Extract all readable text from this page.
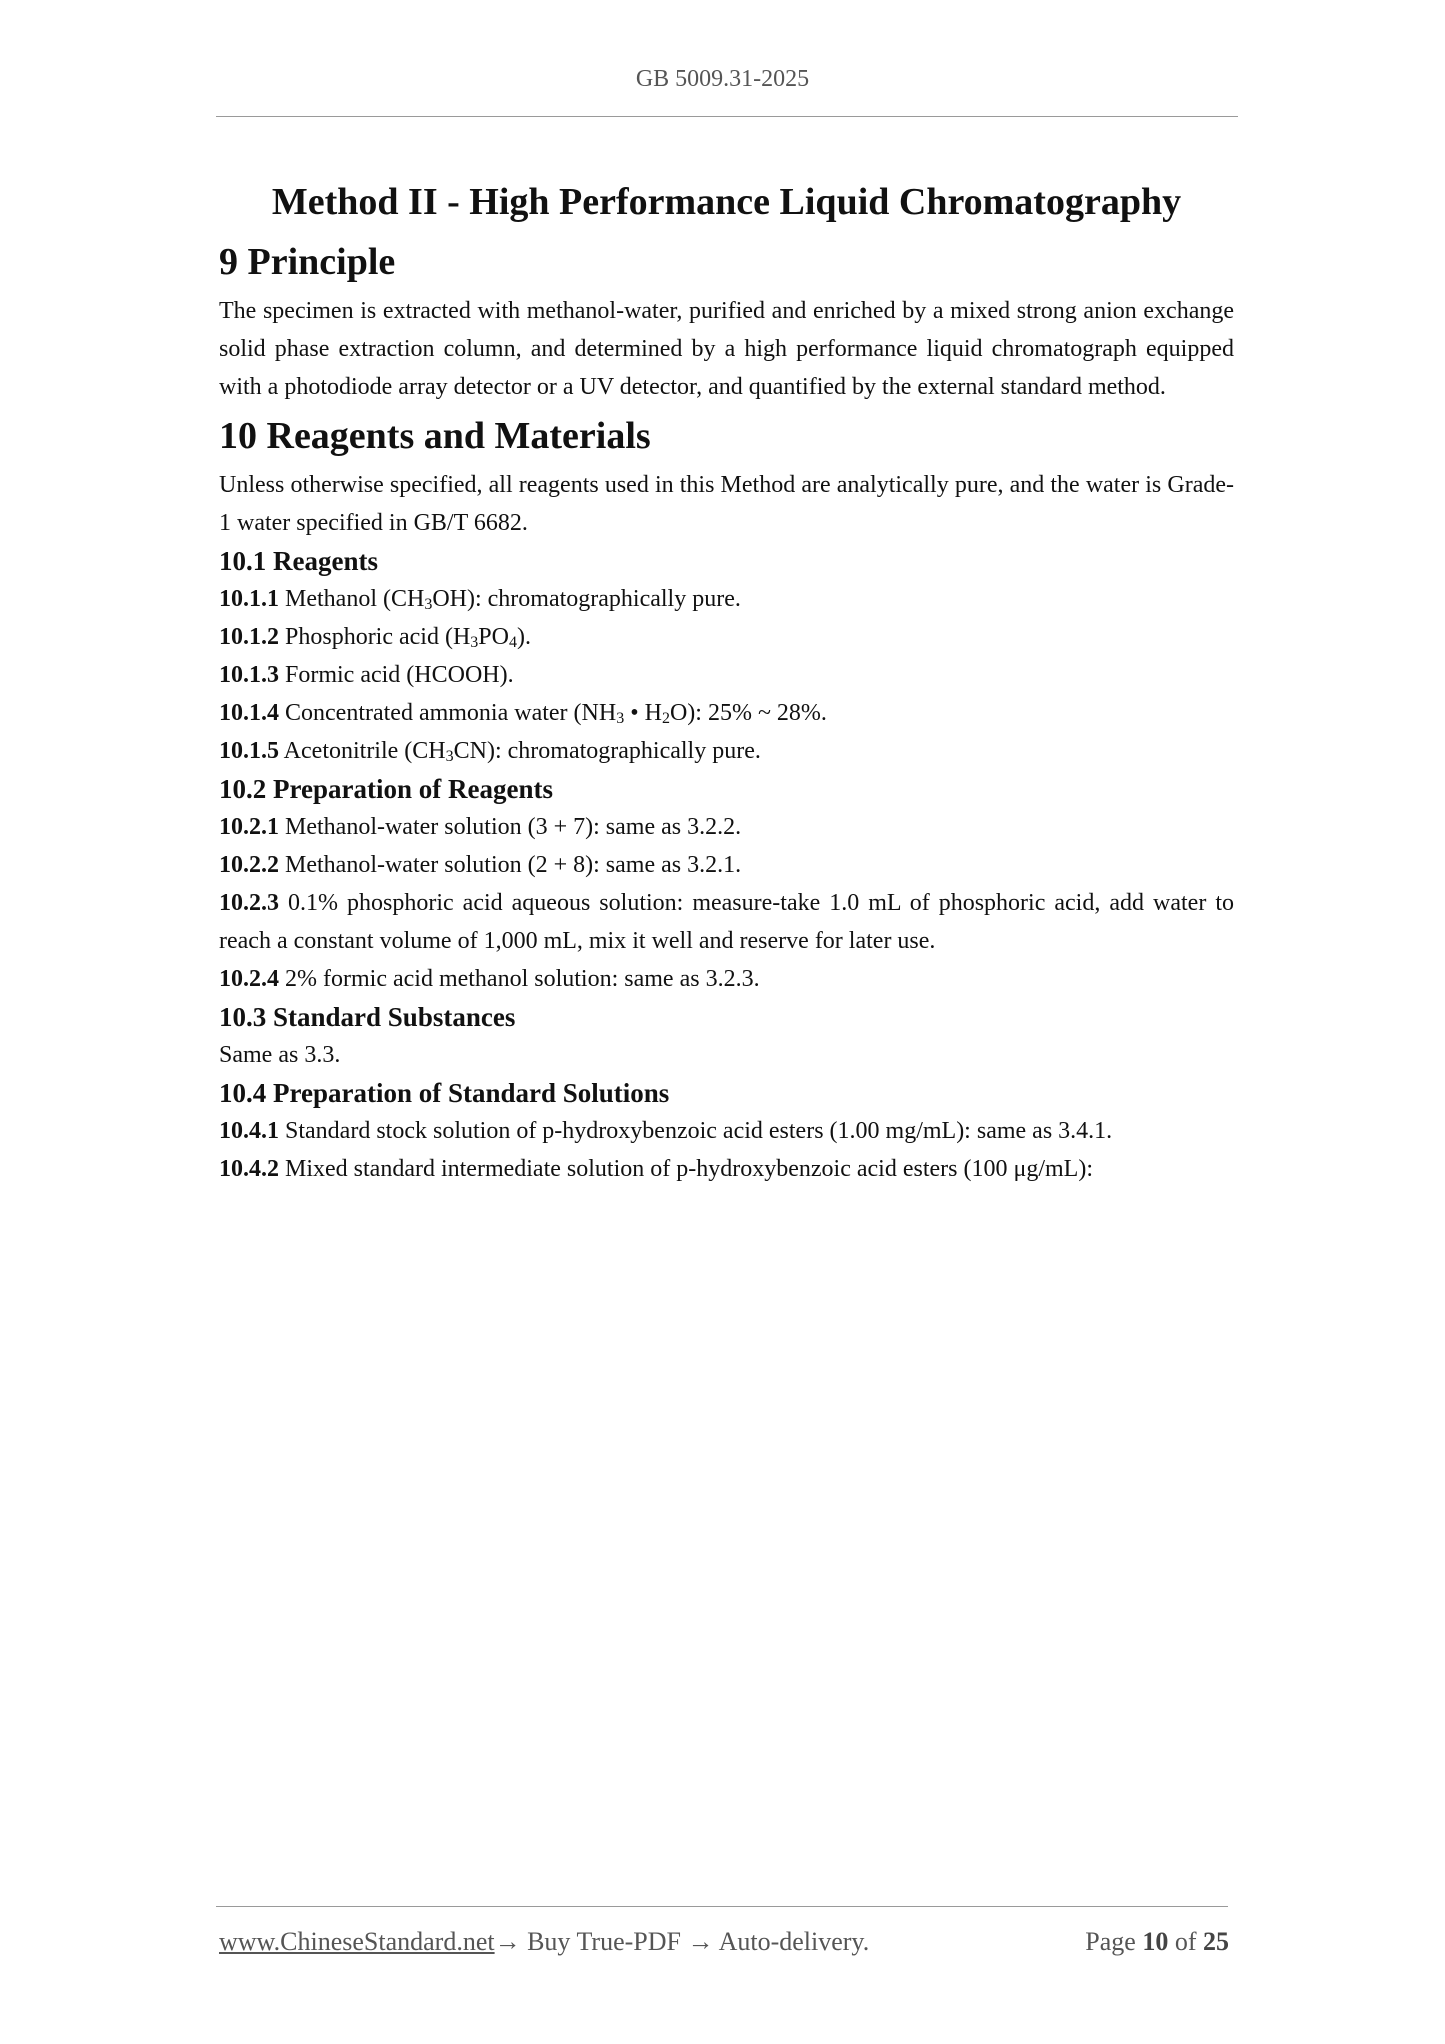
GB 5009.31-2025
Method II - High Performance Liquid Chromatography
9 Principle

The specimen is extracted with methanol-water, purified and enriched by a mixed strong anion exchange solid phase extraction column, and determined by a high performance liquid chromatograph equipped with a photodiode array detector or a UV detector, and quantified by the external standard method.

10 Reagents and Materials

Unless otherwise specified, all reagents used in this Method are analytically pure, and the water is Grade-1 water specified in GB/T 6682.

10.1 Reagents

10.1.1 Methanol $(CH_3OH)$: chromatographically pure.

10.1.2 Phosphoric acid $(H_3PO_4)$.

10.1.3 Formic acid (HCOOH).

10.1.4 Concentrated ammonia water ($NH_3$ • $H_2O$): 25% ~ 28%.

10.1.5 Acetonitrile $(CH_3CN)$: chromatographically pure.

10.2 Preparation of Reagents

10.2.1 Methanol-water solution (3 + 7): same as 3.2.2.

10.2.2 Methanol-water solution (2 + 8): same as 3.2.1.

10.2.3 0.1% phosphoric acid aqueous solution: measure-take 1.0 mL of phosphoric acid, add water to reach a constant volume of 1,000 mL, mix it well and reserve for later use.

10.2.4 2% formic acid methanol solution: same as 3.2.3.

10.3 Standard Substances

Same as 3.3.

10.4 Preparation of Standard Solutions

10.4.1 Standard stock solution of p-hydroxybenzoic acid esters (1.00 mg/mL): same as 3.4.1.

10.4.2 Mixed standard intermediate solution of p-hydroxybenzoic acid esters (100 μg/mL):

www.ChineseStandard.net→ Buy True-PDF → Auto-delivery.	Page 10 of 25
